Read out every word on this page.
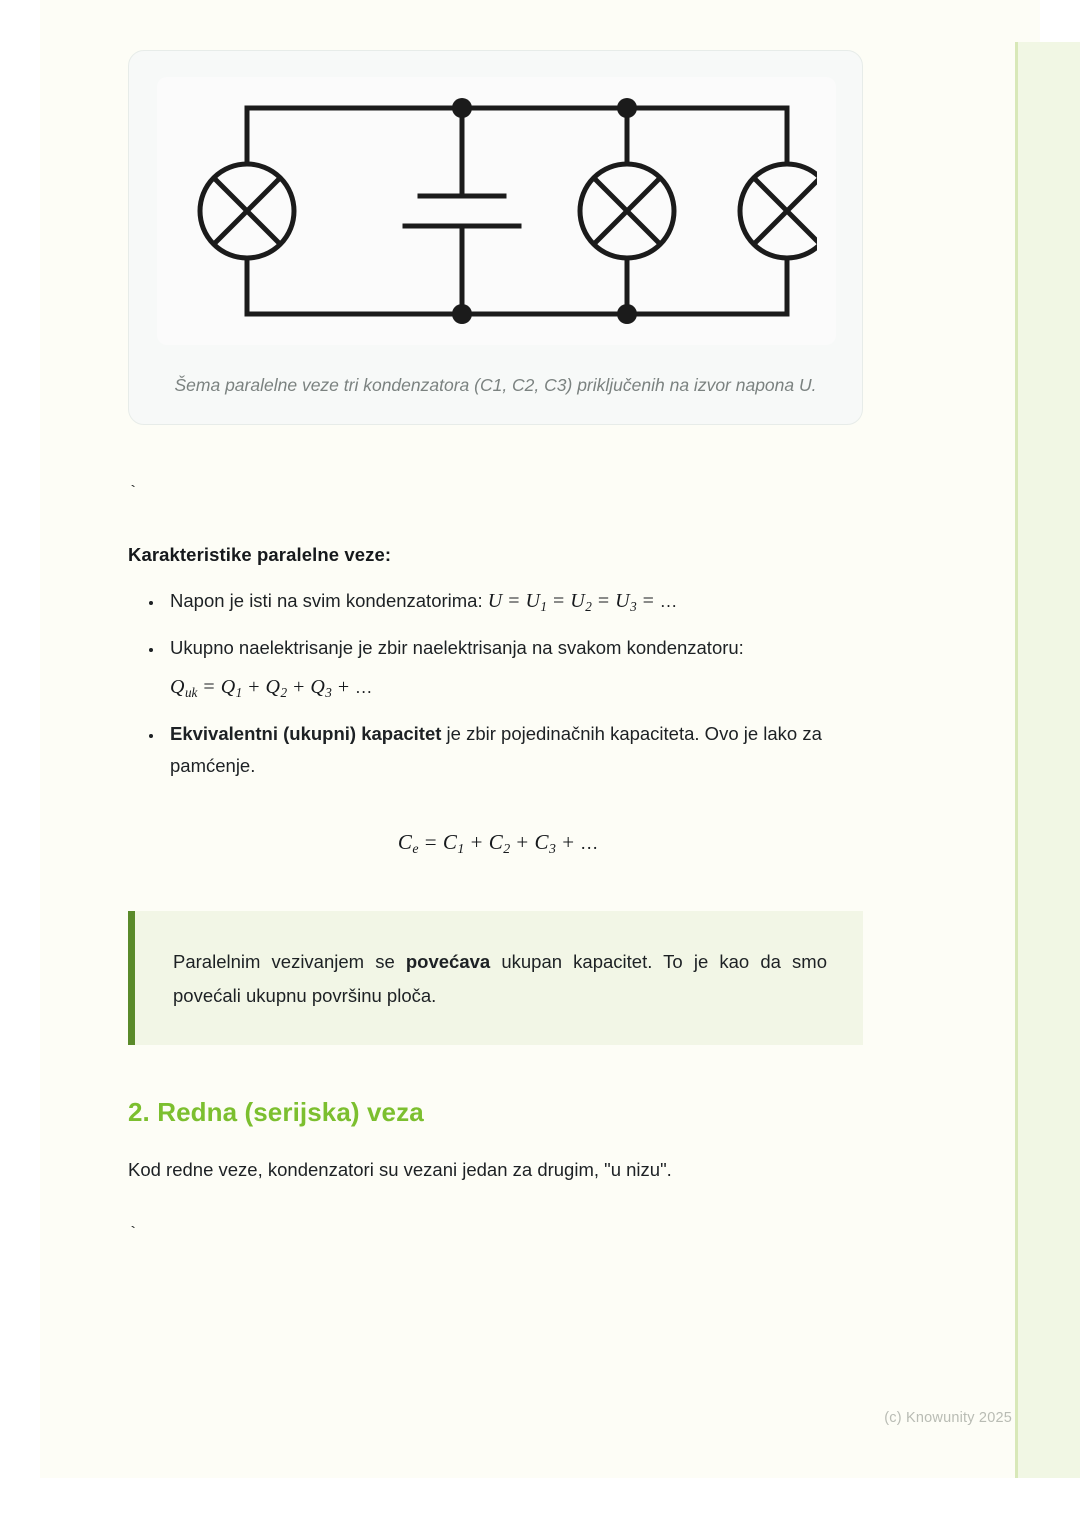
Šema paralelne veze tri kondenzatora (C1, C2, C3) priključenih na izvor napona U.
`
Karakteristike paralelne veze:
• Napon je isti na svim kondenzatorima: $U = U_1 = U_2 = U_3$ = …
• Ukupno naelektrisanje je zbir naelektrisanja na svakom kondenzatoru:
$Q_{uk} = Q_1 + Q_2 + Q_3$ + …
• Ekvivalentni (ukupni) kapacitet je zbir pojedinačnih kapaciteta. Ovo je lako za pamćenje.
$C_e = C_1 + C_2 + C_3$ + …

Paralelnim vezivanjem se povećava ukupan kapacitet. To je kao da smo povećali ukupnu površinu ploča.

2. Redna (serijska) veza
Kod redne veze, kondenzatori su vezani jedan za drugim, "u nizu".
`
(c) Knowunity 2025
